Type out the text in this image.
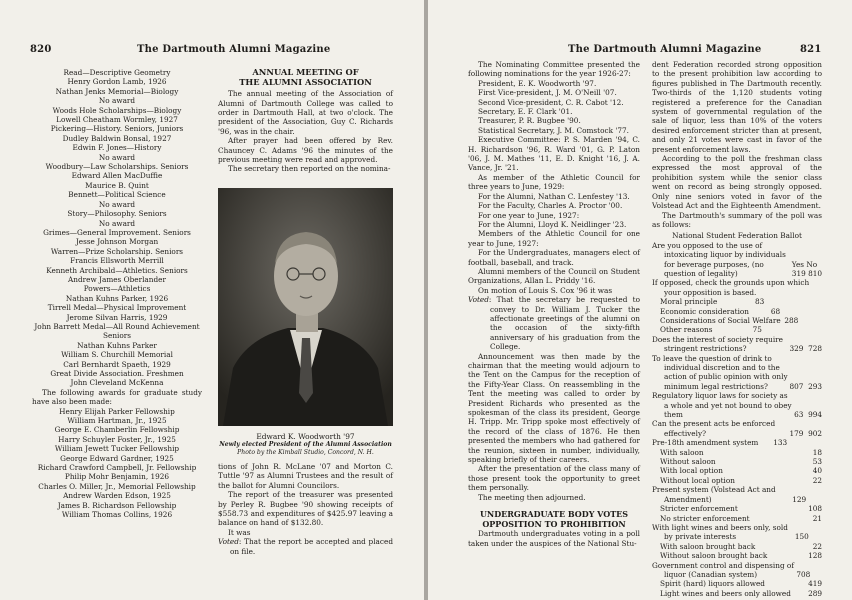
820	The Dartmouth Alumni Magazine

Read—Descriptive Geometry

Henry Gordon Lamb, 1926

Nathan Jenks Memorial—Biology

No award

Woods Hole Scholarships—Biology

Lowell Cheatham Wormley, 1927

Pickering—History. Seniors, Juniors

Dudley Baldwin Bonsal, 1927

Edwin F. Jones—History

No award

Woodbury—Law Scholarships. Seniors

Edward Allen MacDuffie

Maurice B. Quint

Bennett—Political Science

No award

Story—Philosophy. Seniors

No award

Grimes—General Improvement. Seniors

Jesse Johnson Morgan

Warren—Prize Scholarship. Seniors

Francis Ellsworth Merrill

Kenneth Archibald—Athletics. Seniors

Andrew James Oberlander

Powers—Athletics

Nathan Kuhns Parker, 1926

Tirrell Medal—Physical Improvement

Jerome Silvan Harris, 1929

John Barrett Medal—All Round Achievement

Seniors

Nathan Kuhns Parker

William S. Churchill Memorial

Carl Bernhardt Spaeth, 1929

Great Divide Association. Freshmen

John Cleveland McKenna

The following awards for graduate study have also been made:

Henry Elijah Parker Fellowship

William Hartman, Jr., 1925

George E. Chamberlin Fellowship

Harry Schuyler Foster, Jr., 1925

William Jewett Tucker Fellowship

George Edward Gardner, 1925

Richard Crawford Campbell, Jr. Fellowship

Philip Mohr Benjamin, 1926

Charles O. Miller, Jr., Memorial Fellowship

Andrew Warden Edson, 1925

James B. Richardson Fellowship

William Thomas Collins, 1926

ANNUAL MEETING OF
THE ALUMNI ASSOCIATION

The annual meeting of the Association of Alumni of Dartmouth College was called to order in Dartmouth Hall, at two o'clock. The president of the Association, Guy C. Richards '96, was in the chair.

After prayer had been offered by Rev. Chauncey C. Adams '96 the minutes of the previous meeting were read and approved.

The secretary then reported on the nomina-

Edward K. Woodworth '97
Newly elected President of the Alumni Association
Photo by the Kimball Studio, Concord, N. H.

tions of John R. McLane '07 and Morton C. Tuttle '97 as Alumni Trustees and the result of the ballot for Alumni Councilors.

The report of the treasurer was presented by Perley R. Bugbee '90 showing receipts of $558.73 and expenditures of $425.97 leaving a balance on hand of $132.80.

It was

Voted: That the report be accepted and placed on file.

The Dartmouth Alumni Magazine	821

The Nominating Committee presented the following nominations for the year 1926-27:

President, E. K. Woodworth '97.

First Vice-president, J. M. O'Neill '07.

Second Vice-president, C. R. Cabot '12.

Secretary, E. F. Clark '01.

Treasurer, P. R. Bugbee '90.

Statistical Secretary, J. M. Comstock '77.

Executive Committee: P. S. Marden '94, C. H. Richardson '96, R. Ward '01, G. P. Laton '06, J. M. Mathes '11, E. D. Knight '16, J. A. Vance, Jr. '21.

As member of the Athletic Council for three years to June, 1929:

For the Alumni, Nathan C. Lenfestey '13.

For the Faculty, Charles A. Proctor '00.

For one year to June, 1927:

For the Alumni, Lloyd K. Neidlinger '23.

Members of the Athletic Council for one year to June, 1927:

For the Undergraduates, managers elect of football, baseball, and track.

Alumni members of the Council on Student Organizations, Allan L. Priddy '16.

On motion of Louis S. Cox '96 it was

Voted: That the secretary be requested to convey to Dr. William J. Tucker the affectionate greetings of the alumni on the occasion of the sixty-fifth anniversary of his graduation from the College.

Announcement was then made by the chairman that the meeting would adjourn to the Tent on the Campus for the reception of the Fifty-Year Class. On reassembling in the Tent the meeting was called to order by President Richards who presented as the spokesman of the class its president, George H. Tripp. Mr. Tripp spoke most effectively of the record of the class of 1876. He then presented the members who had gathered for the reunion, sixteen in number, individually, speaking briefly of their careers.

After the presentation of the class many of those present took the opportunity to greet them personally.

The meeting then adjourned.

UNDERGRADUATE BODY VOTES
OPPOSITION TO PROHIBITION

Dartmouth undergraduates voting in a poll taken under the auspices of the National Stu-

dent Federation recorded strong opposition to the present prohibition law according to figures published in The Dartmouth recently. Two-thirds of the 1,120 students voting registered a preference for the Canadian system of governmental regulation of the sale of liquor, less than 10% of the voters desired enforcement stricter than at present, and only 21 votes were cast in favor of the present enforcement laws.

According to the poll the freshman class expressed the most approval of the prohibition system while the senior class went on record as being strongly opposed. Only nine seniors voted in favor of the Volstead Act and the Eighteenth Amendment.

The Dartmouth's summary of the poll was as follows:

National Student Federation Ballot
Are you opposed to the use of intoxicating liquor by individuals for beverage purposes, (no question of legality)
Yes No
319 810

If opposed, check the grounds upon which your opposition is based.

Moral principle	83
Economic consideration	68
Considerations of Social Welfare 288
Other reasons	75
Does the interest of society require stringent restrictions?	329 728
To leave the question of drink to individual discretion and to the action of public opinion with only minimum legal restrictions?	807 293
Regulatory liquor laws for society as a whole and yet not bound to obey them	63 994
Can the present acts be enforced effectively?	179 902
Pre-18th amendment system 133
With saloon	18
Without saloon	53
With local option	40
Without local option	22
Present system (Volstead Act and Amendment)	129
Stricter enforcement	108
No stricter enforcement	21
With light wines and beers only, sold by private interests	150
With saloon brought back	22
Without saloon brought back	128
Government control and dispensing of liquor (Canadian system)	708
Spirit (hard) liquors allowed	419
Light wines and beers only allowed 289
